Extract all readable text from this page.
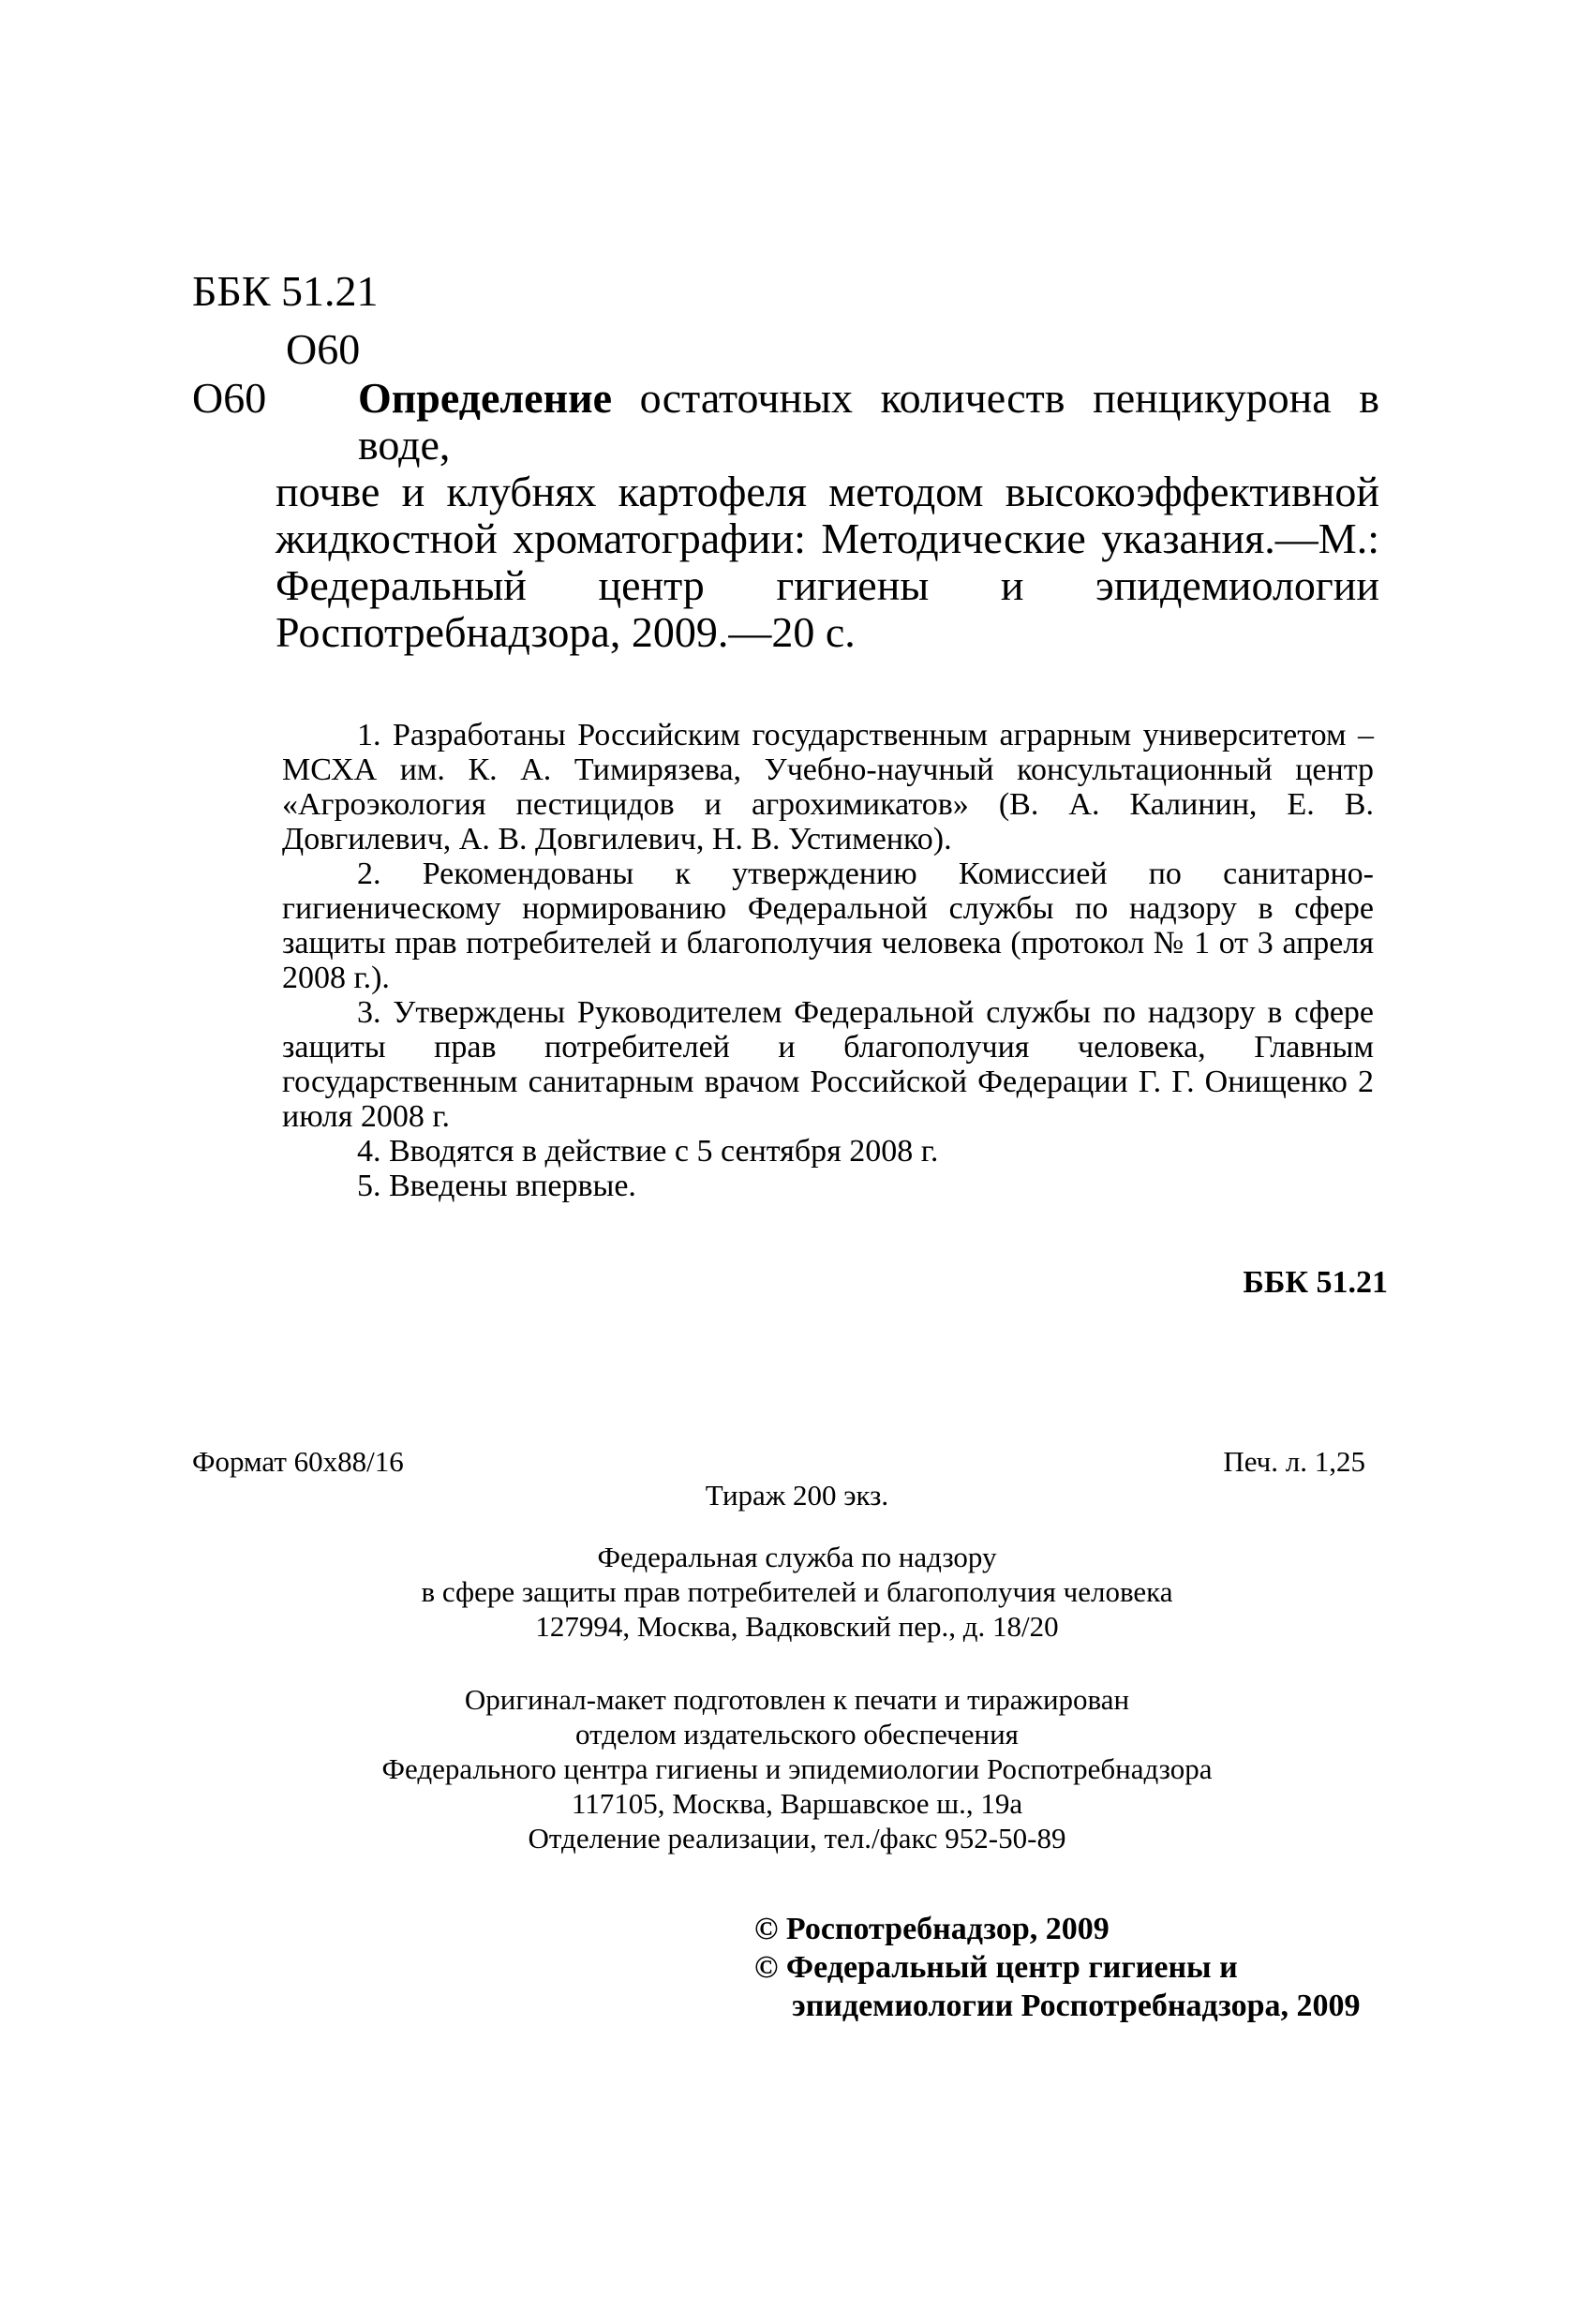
ББК 51.21
О60
О60 Определение остаточных количеств пенцикурона в воде,
почве и клубнях картофеля методом высокоэффективной жидкостной хроматографии: Методические указания.—М.: Федеральный центр гигиены и эпидемиологии Роспотребнадзора, 2009.—20 с.

1. Разработаны Российским государственным аграрным университетом – МСХА им. К. А. Тимирязева, Учебно-научный консультационный центр «Агроэкология пестицидов и агрохимикатов» (В. А. Калинин, Е. В. Довгилевич, А. В. Довгилевич, Н. В. Устименко).

2. Рекомендованы к утверждению Комиссией по санитарно-гигиеническому нормированию Федеральной службы по надзору в сфере защиты прав потребителей и благополучия человека (протокол № 1 от 3 апреля 2008 г.).

3. Утверждены Руководителем Федеральной службы по надзору в сфере защиты прав потребителей и благополучия человека, Главным государственным санитарным врачом Российской Федерации Г. Г. Онищенко 2 июля 2008 г.

4. Вводятся в действие с 5 сентября 2008 г.

5. Введены впервые.

ББК 51.21
Формат 60x88/16	Печ. л. 1,25
Тираж 200 экз.
Федеральная служба по надзору
в сфере защиты прав потребителей и благополучия человека
127994, Москва, Вадковский пер., д. 18/20
Оригинал-макет подготовлен к печати и тиражирован
отделом издательского обеспечения
Федерального центра гигиены и эпидемиологии Роспотребнадзора
117105, Москва, Варшавское ш., 19а
Отделение реализации, тел./факс 952-50-89
© Роспотребнадзор, 2009
© Федеральный центр гигиены и
эпидемиологии Роспотребнадзора, 2009
